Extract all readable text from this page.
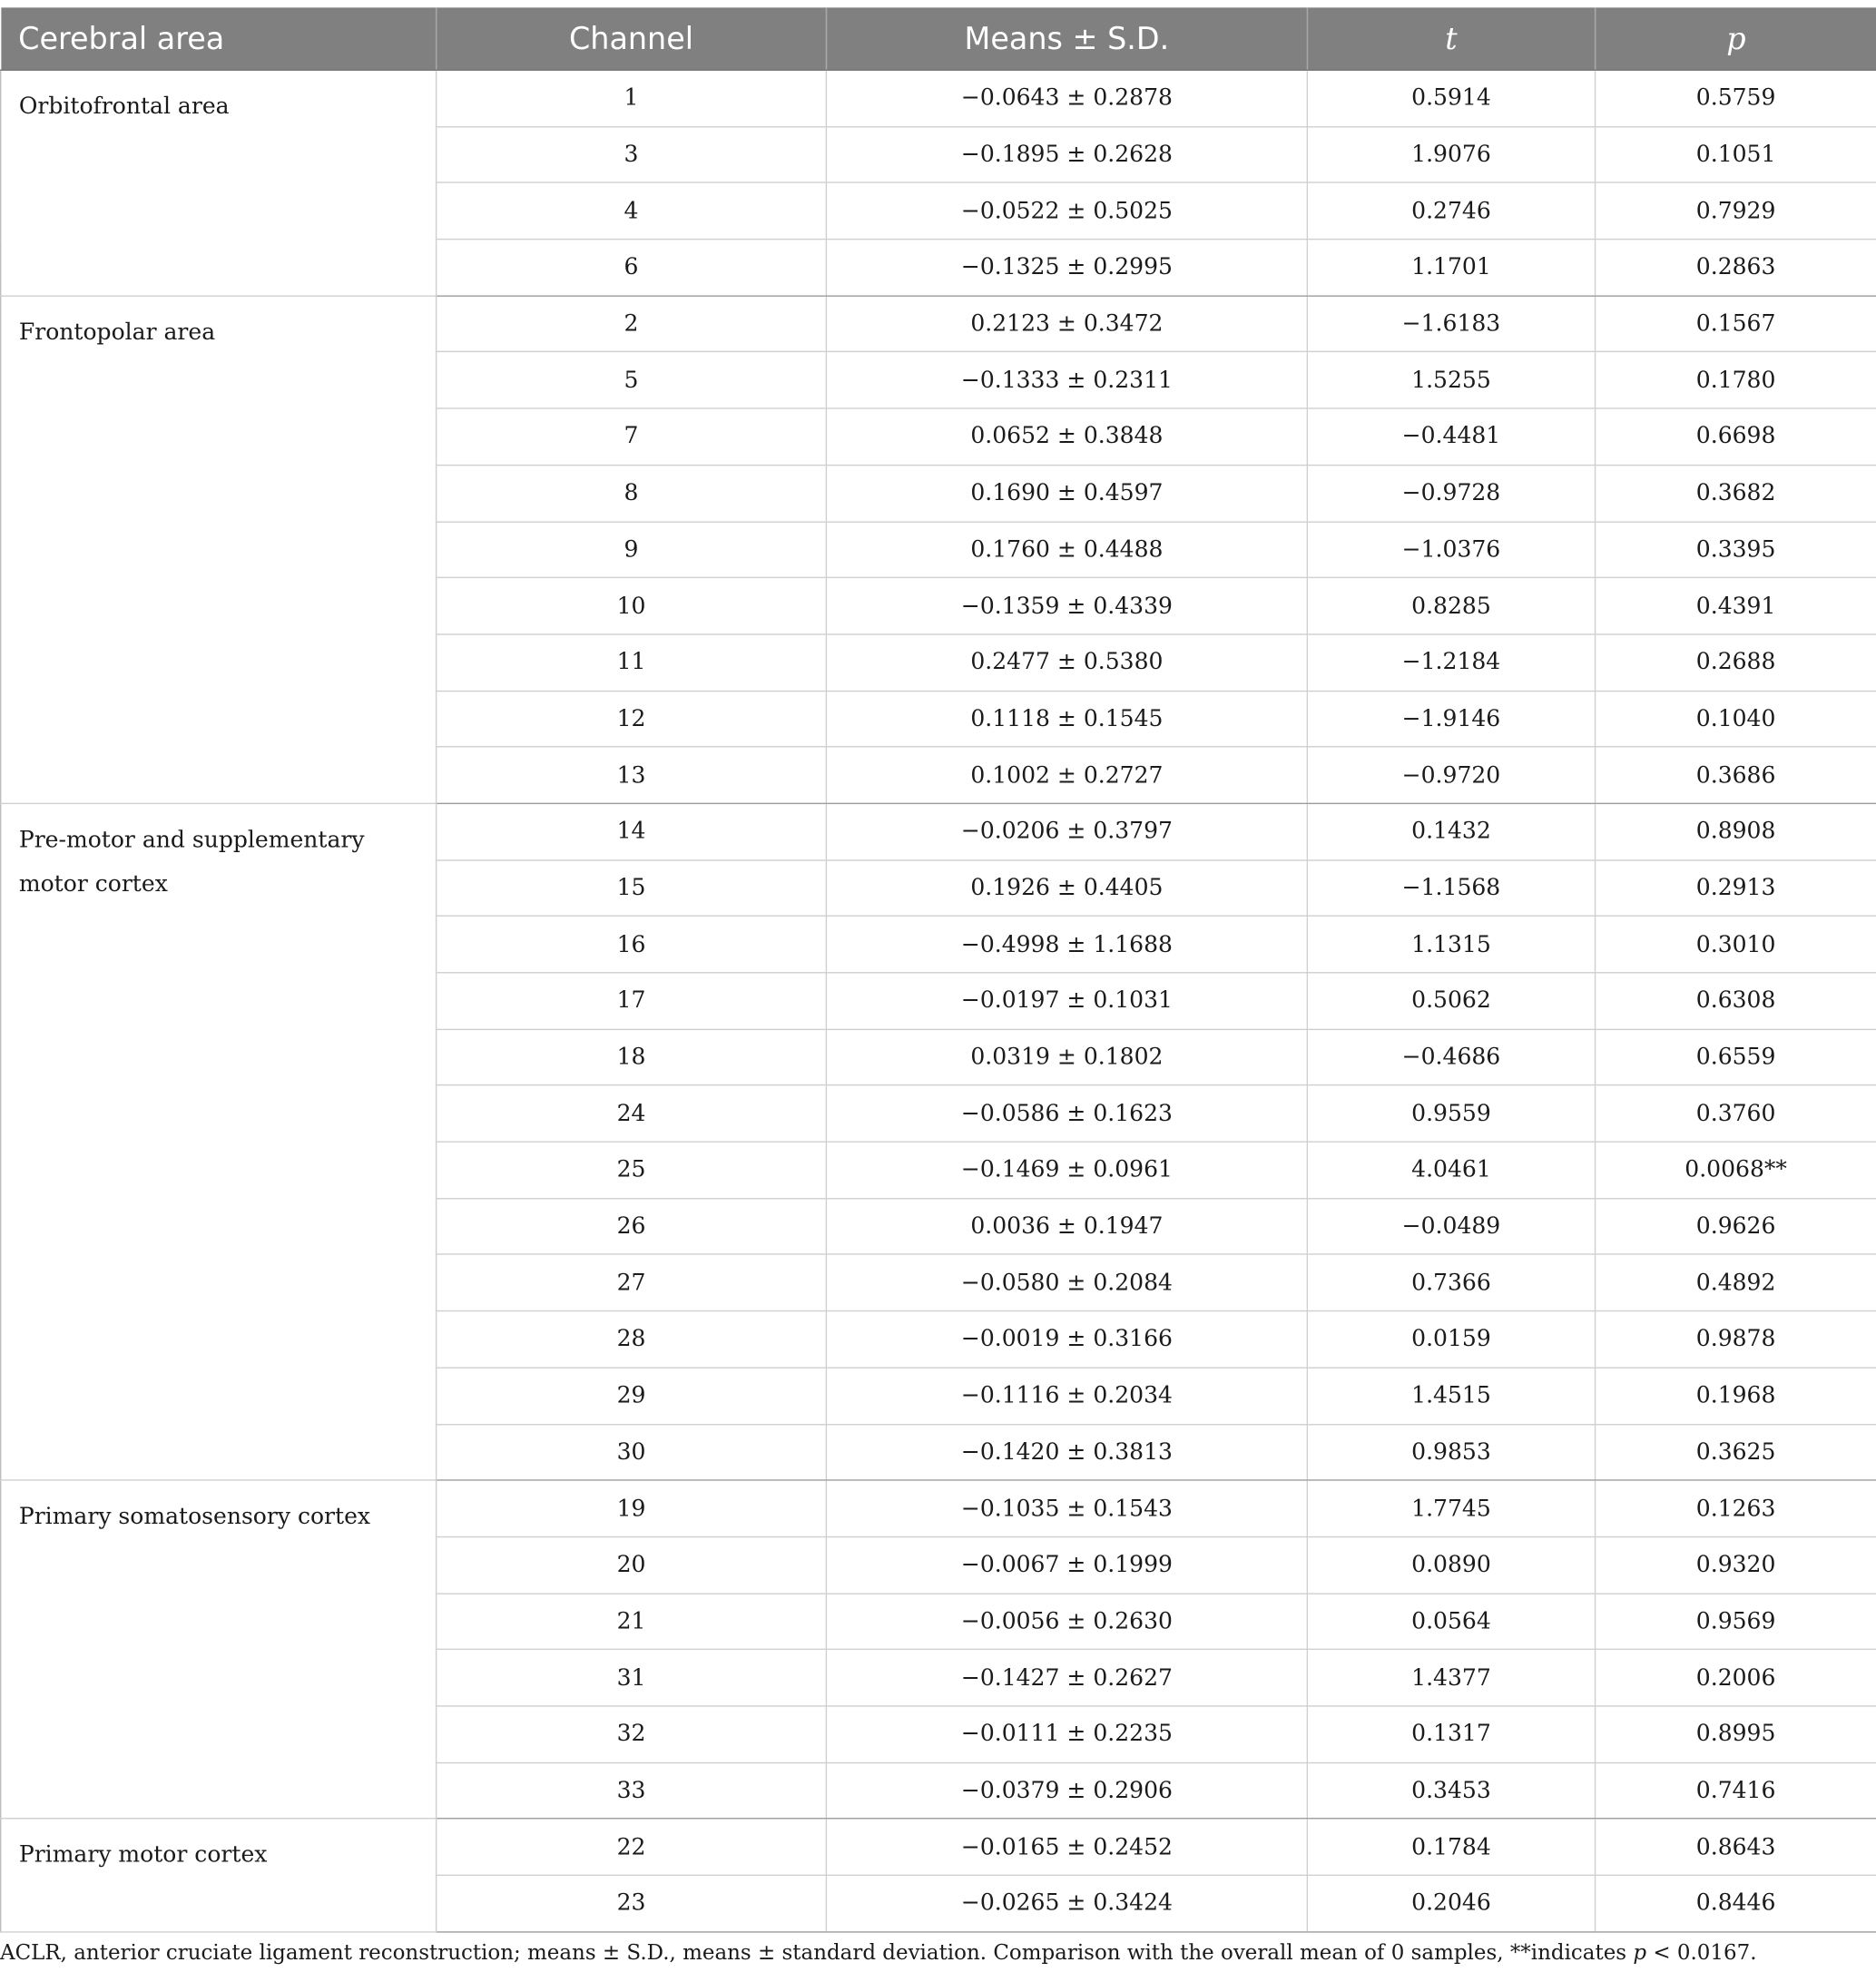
Cerebral area	Channel	Means ± S.D.	t	p
Orbitofrontal area	1	−0.0643 ± 0.2878	0.5914	0.5759
	3	−0.1895 ± 0.2628	1.9076	0.1051
	4	−0.0522 ± 0.5025	0.2746	0.7929
	6	−0.1325 ± 0.2995	1.1701	0.2863
Frontopolar area	2	0.2123 ± 0.3472	−1.6183	0.1567
	5	−0.1333 ± 0.2311	1.5255	0.1780
	7	0.0652 ± 0.3848	−0.4481	0.6698
	8	0.1690 ± 0.4597	−0.9728	0.3682
	9	0.1760 ± 0.4488	−1.0376	0.3395
	10	−0.1359 ± 0.4339	0.8285	0.4391
	11	0.2477 ± 0.5380	−1.2184	0.2688
	12	0.1118 ± 0.1545	−1.9146	0.1040
	13	0.1002 ± 0.2727	−0.9720	0.3686
Pre-motor and supplementary motor cortex	14	−0.0206 ± 0.3797	0.1432	0.8908
	15	0.1926 ± 0.4405	−1.1568	0.2913
	16	−0.4998 ± 1.1688	1.1315	0.3010
	17	−0.0197 ± 0.1031	0.5062	0.6308
	18	0.0319 ± 0.1802	−0.4686	0.6559
	24	−0.0586 ± 0.1623	0.9559	0.3760
	25	−0.1469 ± 0.0961	4.0461	0.0068**
	26	0.0036 ± 0.1947	−0.0489	0.9626
	27	−0.0580 ± 0.2084	0.7366	0.4892
	28	−0.0019 ± 0.3166	0.0159	0.9878
	29	−0.1116 ± 0.2034	1.4515	0.1968
	30	−0.1420 ± 0.3813	0.9853	0.3625
Primary somatosensory cortex	19	−0.1035 ± 0.1543	1.7745	0.1263
	20	−0.0067 ± 0.1999	0.0890	0.9320
	21	−0.0056 ± 0.2630	0.0564	0.9569
	31	−0.1427 ± 0.2627	1.4377	0.2006
	32	−0.0111 ± 0.2235	0.1317	0.8995
	33	−0.0379 ± 0.2906	0.3453	0.7416
Primary motor cortex	22	−0.0165 ± 0.2452	0.1784	0.8643
	23	−0.0265 ± 0.3424	0.2046	0.8446
ACLR, anterior cruciate ligament reconstruction; means ± S.D., means ± standard deviation. Comparison with the overall mean of 0 samples, **indicates p < 0.0167.
